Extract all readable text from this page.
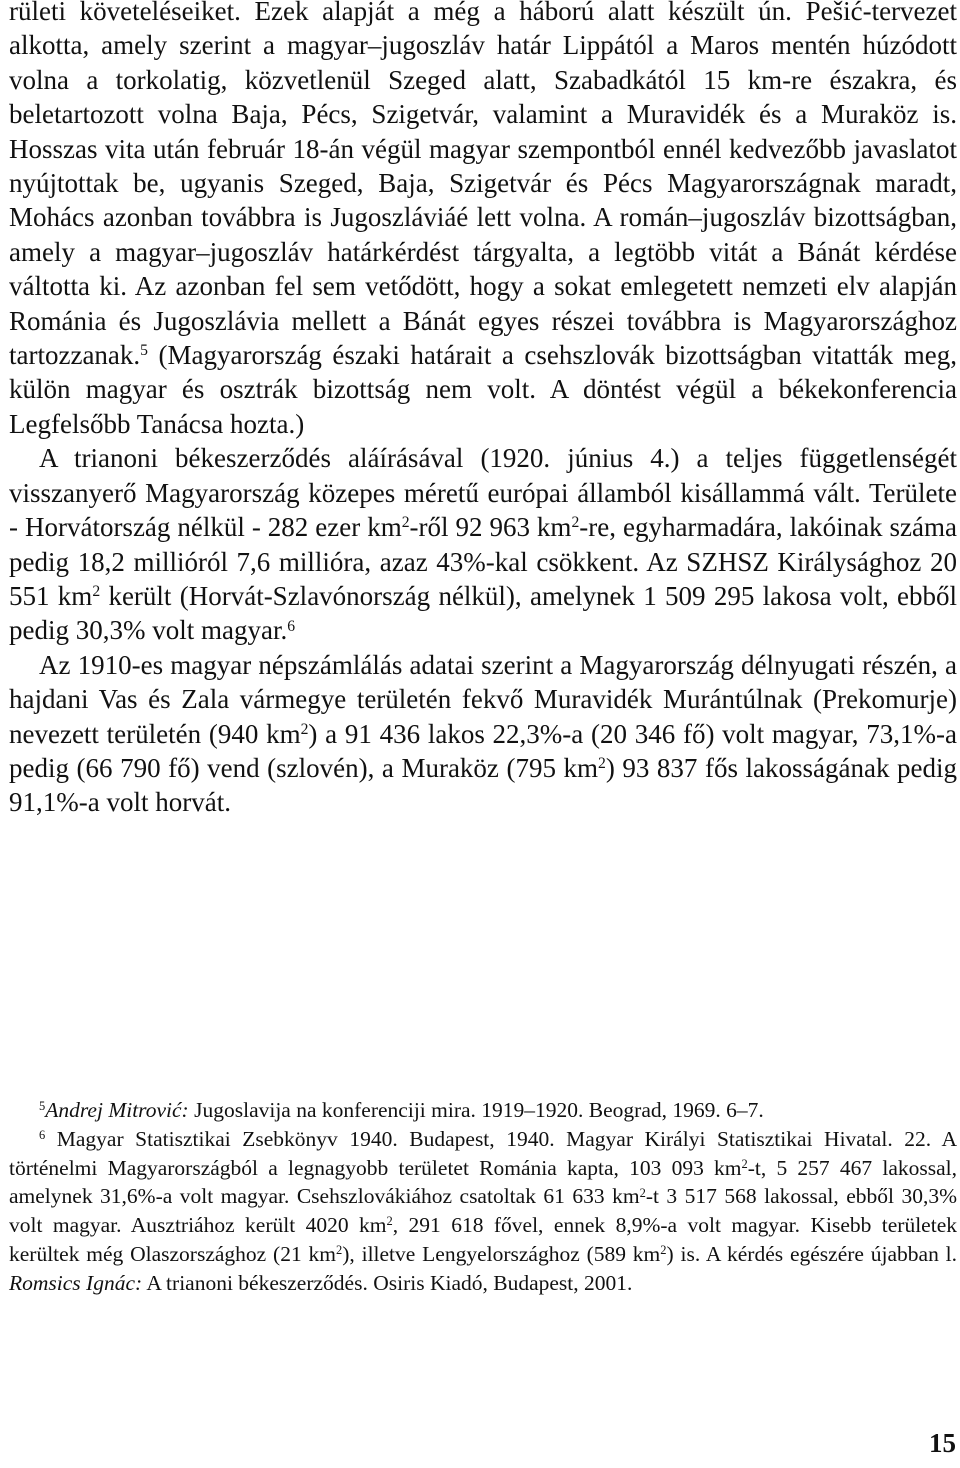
rületi követeléseiket. Ezek alapját a még a háború alatt készült ún. Pešić-tervezet alkotta, amely szerint a magyar–jugoszláv határ Lippától a Maros mentén húzódott volna a torkolatig, közvetlenül Szeged alatt, Szabadkától 15 km-re északra, és beletartozott volna Baja, Pécs, Szigetvár, valamint a Muravidék és a Muraköz is. Hosszas vita után február 18-án végül magyar szempontból ennél kedvezőbb javaslatot nyújtottak be, ugyanis Szeged, Baja, Szigetvár és Pécs Magyarországnak maradt, Mohács azonban továbbra is Jugoszláviáé lett volna. A román–jugoszláv bizottságban, amely a magyar–jugoszláv határkérdést tárgyalta, a legtöbb vitát a Bánát kérdése váltotta ki. Az azonban fel sem vetődött, hogy a sokat emlegetett nemzeti elv alapján Románia és Jugoszlávia mellett a Bánát egyes részei továbbra is Magyarországhoz tartozzanak.$^5$ (Magyarország északi határait a csehszlovák bizottságban vitatták meg, külön magyar és osztrák bizottság nem volt. A döntést végül a békekonferencia Legfelsőbb Tanácsa hozta.)

A trianoni békeszerződés aláírásával (1920. június 4.) a teljes függetlenségét visszanyerő Magyarország közepes méretű európai államból kisállammá vált. Területe - Horvátország nélkül - 282 ezer $km^2$-ről 92 963 $km^2-re$, egyharmadára, lakóinak száma pedig 18,2 millióról 7,6 millióra, azaz 43%-kal csökkent. Az SZHSZ Királysághoz 20 551 $km^2$ került (Horvát-Szlavónország nélkül), amelynek 1 509 295 lakosa volt, ebből pedig 30,3% volt magyar.$^6$

Az 1910-es magyar népszámlálás adatai szerint a Magyarország délnyugati részén, a hajdani Vas és Zala vármegye területén fekvő Muravidék Murántúlnak (Prekomurje) nevezett területén (940 $km^2$) a 91 436 lakos 22,3%-a (20 346 fő) volt magyar, 73,1%-a pedig (66 790 fő) vend (szlovén), a Muraköz (795 $km^2$) 93 837 fős lakosságának pedig 91,1%-a volt horvát.

$^5$Andrej Mitrović: Jugoslavija na konferenciji mira. 1919–1920. Beograd, 1969. 6–7.

$^6$ Magyar Statisztikai Zsebkönyv 1940. Budapest, 1940. Magyar Királyi Statisztikai Hivatal. 22. A történelmi Magyarországból a legnagyobb területet Románia kapta, 103 093 $km^2-t$, 5 257 467 lakossal, amelynek 31,6%-a volt magyar. Csehszlovákiához csatoltak 61 633 $km^2-t$ 3 517 568 lakossal, ebből 30,3% volt magyar. Ausztriához került 4020 $km^2$, 291 618 fővel, ennek 8,9%-a volt magyar. Kisebb területek kerültek még Olaszországhoz (21 $km^2$), illetve Lengyelországhoz (589 $km^2$) is. A kérdés egészére újabban l. Romsics Ignác: A trianoni békeszerződés. Osiris Kiadó, Budapest, 2001.

15
